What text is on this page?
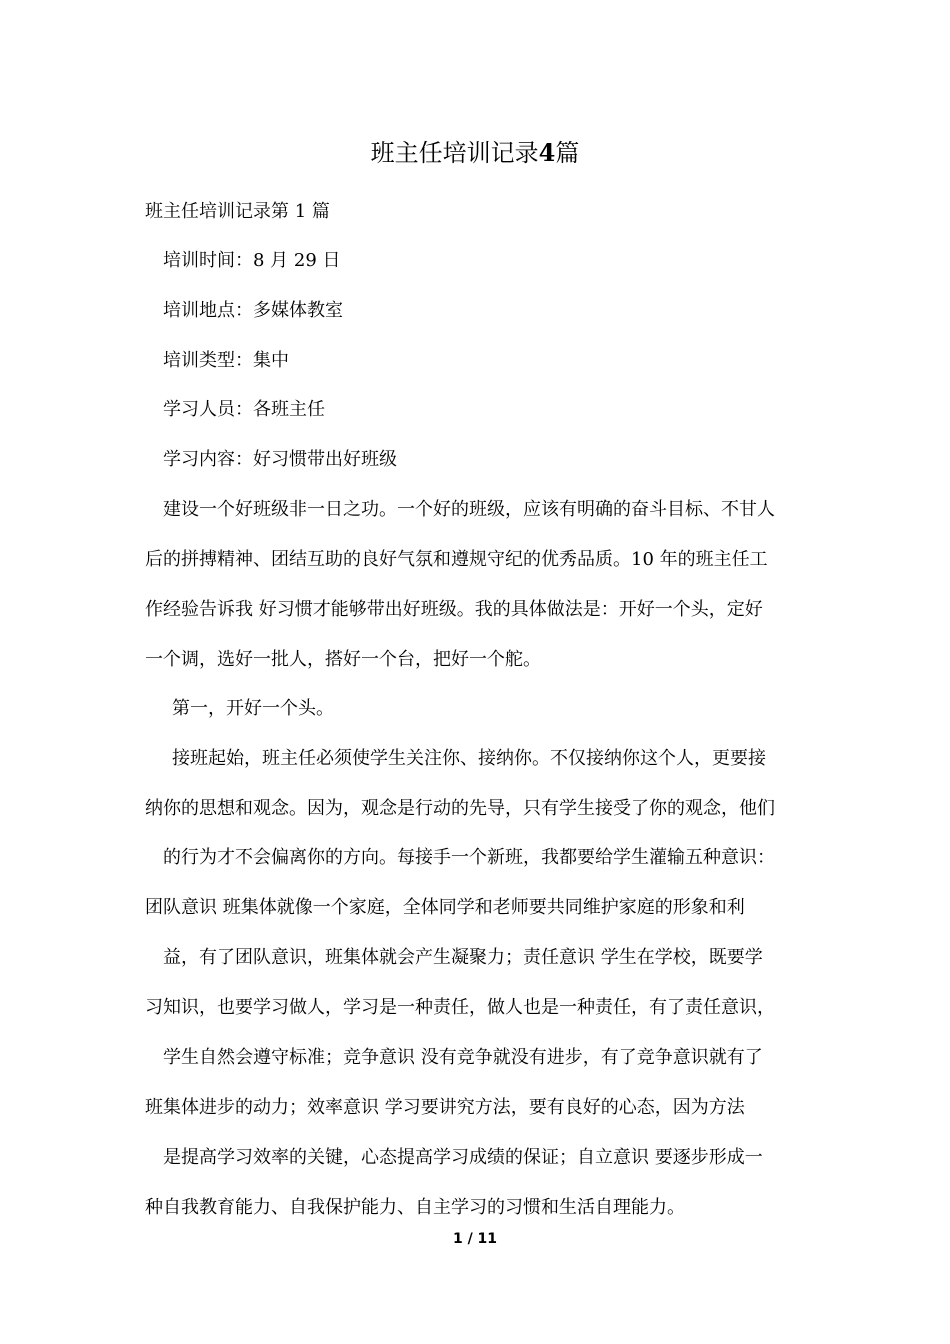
班主任培训记录4篇
班主任培训记录第 1 篇
培训时间：8 月 29 日
培训地点：多媒体教室
培训类型：集中
学习人员：各班主任
学习内容：好习惯带出好班级
建设一个好班级非一日之功。一个好的班级，应该有明确的奋斗目标、不甘人
后的拼搏精神、团结互助的良好气氛和遵规守纪的优秀品质。10 年的班主任工
作经验告诉我 好习惯才能够带出好班级。我的具体做法是：开好一个头，定好
一个调，选好一批人，搭好一个台，把好一个舵。
第一，开好一个头。
接班起始，班主任必须使学生关注你、接纳你。不仅接纳你这个人，更要接
纳你的思想和观念。因为，观念是行动的先导，只有学生接受了你的观念，他们
的行为才不会偏离你的方向。每接手一个新班，我都要给学生灌输五种意识：
团队意识 班集体就像一个家庭，全体同学和老师要共同维护家庭的形象和利
益，有了团队意识，班集体就会产生凝聚力；责任意识 学生在学校，既要学
习知识，也要学习做人，学习是一种责任，做人也是一种责任，有了责任意识，
学生自然会遵守标准；竞争意识 没有竞争就没有进步，有了竞争意识就有了
班集体进步的动力；效率意识 学习要讲究方法，要有良好的心态，因为方法
是提高学习效率的关键，心态提高学习成绩的保证；自立意识 要逐步形成一
种自我教育能力、自我保护能力、自主学习的习惯和生活自理能力。
1 / 11
